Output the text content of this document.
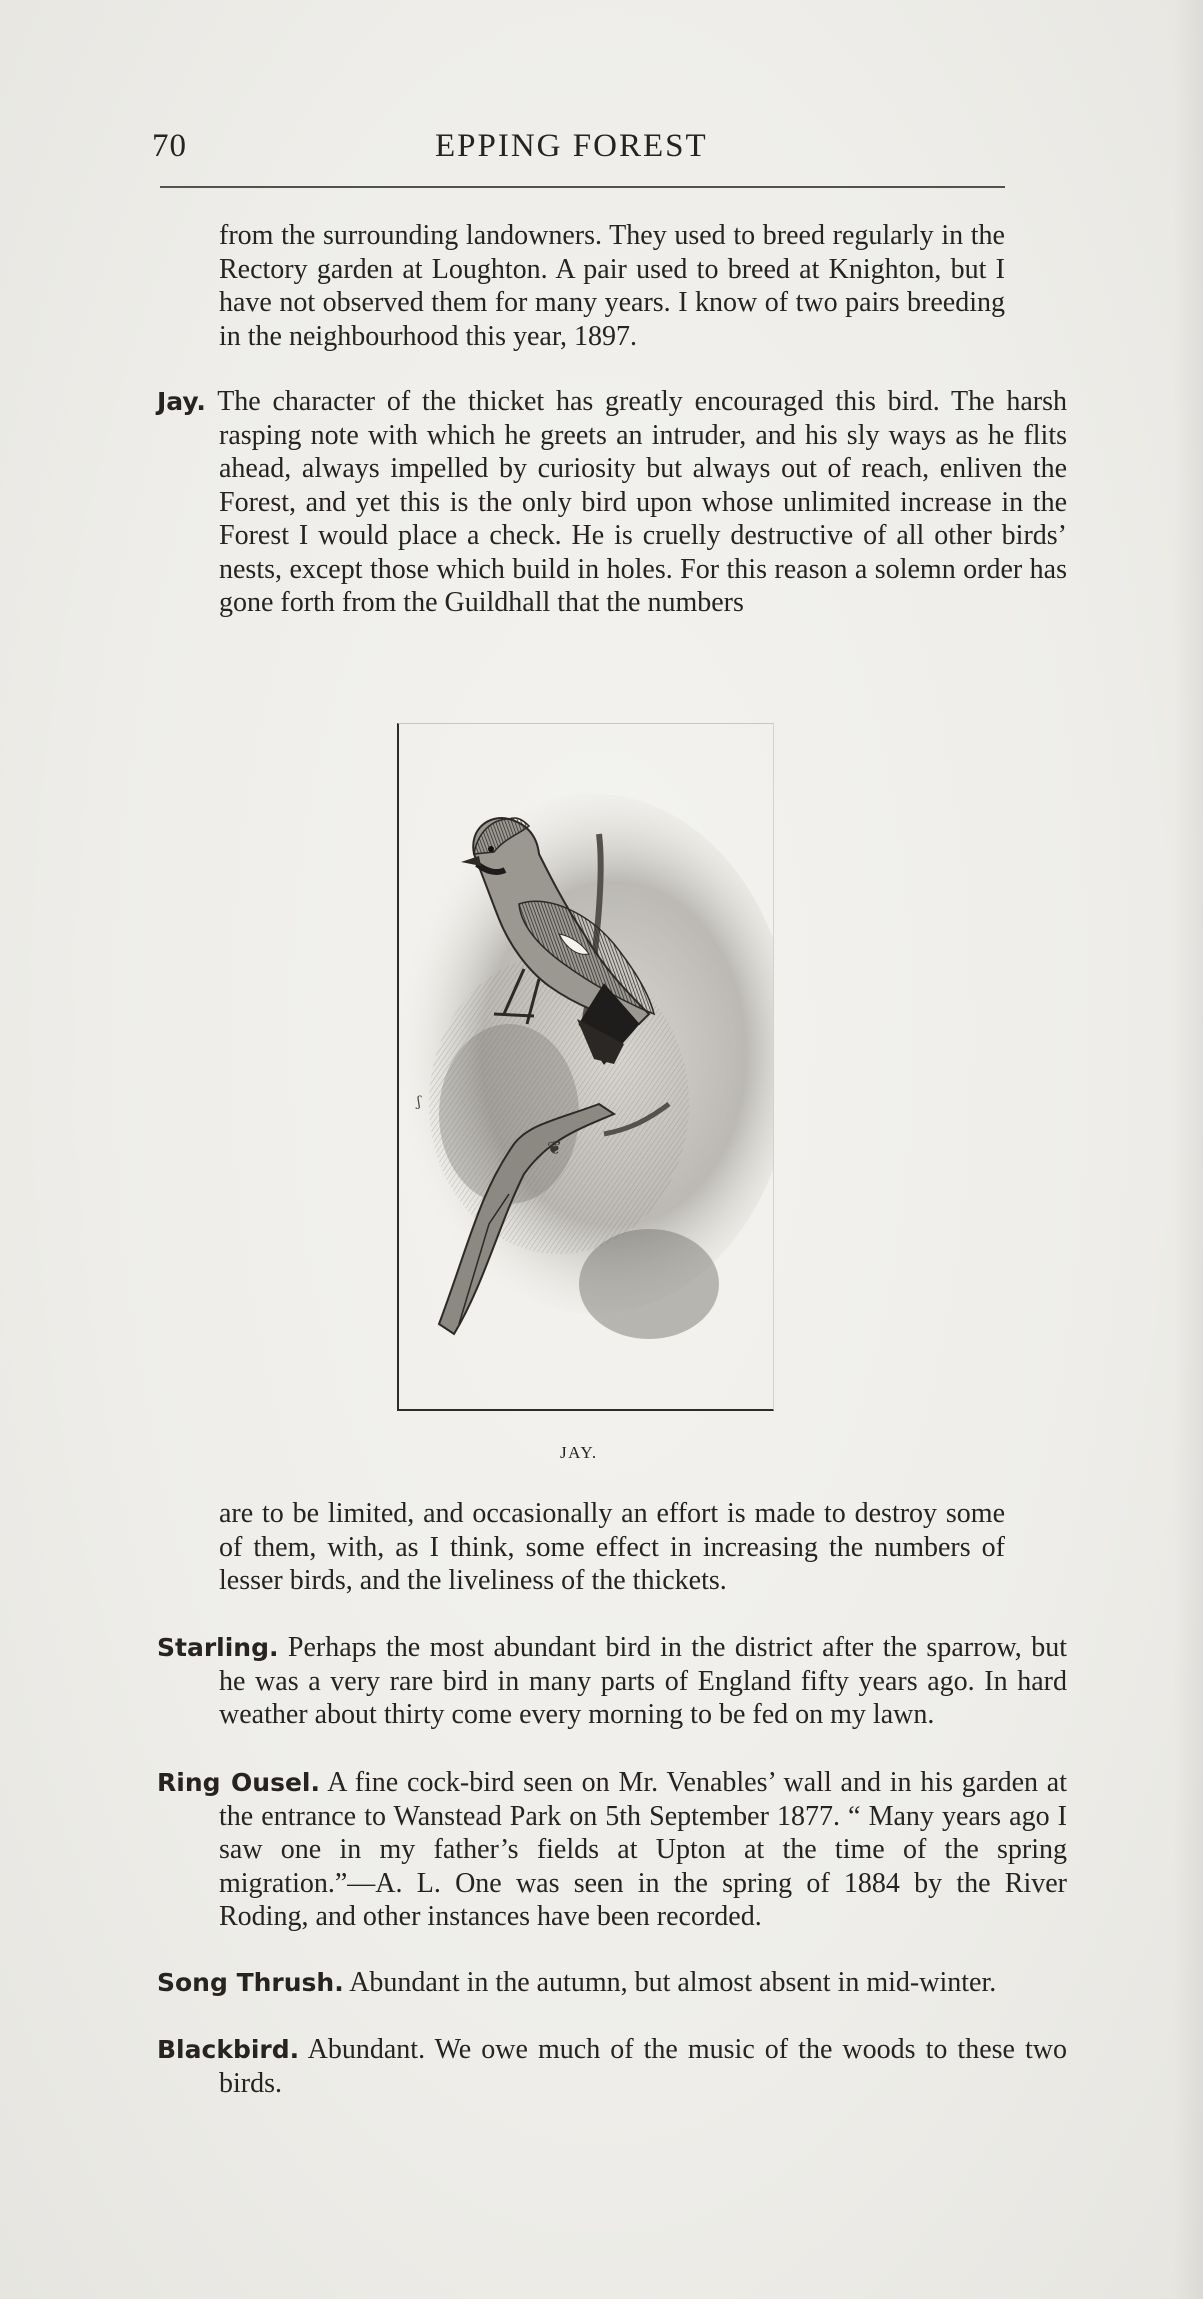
70	EPPING FOREST

from the surrounding landowners. They used to breed regularly in the Rectory garden at Loughton. A pair used to breed at Knighton, but I have not observed them for many years. I know of two pairs breeding in the neighbourhood this year, 1897.

Jay. The character of the thicket has greatly encouraged this bird. The harsh rasping note with which he greets an intruder, and his sly ways as he flits ahead, always impelled by curiosity but always out of reach, enliven the Forest, and yet this is the only bird upon whose unlimited increase in the Forest I would place a check. He is cruelly destructive of all other birds’ nests, except those which build in holes. For this reason a solemn order has gone forth from the Guildhall that the numbers

ʃ
❦
JAY.

are to be limited, and occasionally an effort is made to destroy some of them, with, as I think, some effect in increasing the numbers of lesser birds, and the liveliness of the thickets.

Starling. Perhaps the most abundant bird in the district after the sparrow, but he was a very rare bird in many parts of England fifty years ago. In hard weather about thirty come every morning to be fed on my lawn.

Ring Ousel. A fine cock-bird seen on Mr. Venables’ wall and in his garden at the entrance to Wanstead Park on 5th September 1877. “ Many years ago I saw one in my father’s fields at Upton at the time of the spring migration.”—A. L. One was seen in the spring of 1884 by the River Roding, and other instances have been recorded.

Song Thrush. Abundant in the autumn, but almost absent in mid-winter.

Blackbird. Abundant. We owe much of the music of the woods to these two birds.
